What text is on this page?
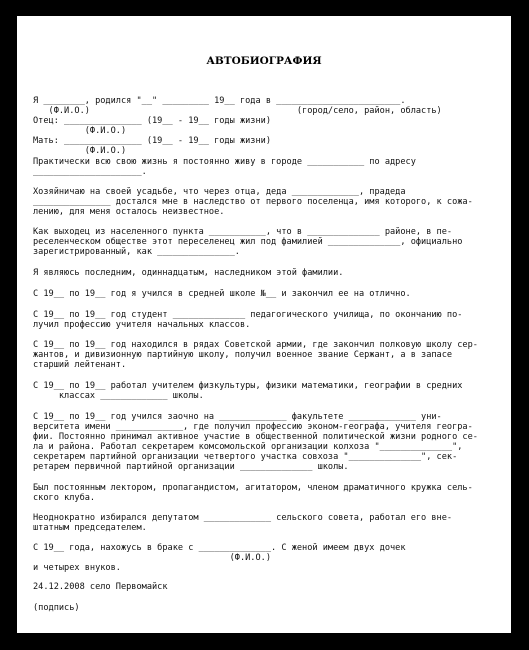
АВТОБИОГРАФИЯ
Я ________, родился "__" _________ 19__ года в ________________________.
(Ф.И.О.)                                        (город/село, район, область)
Отец: _______________ (19__ - 19__ годы жизни)
(Ф.И.О.)
Мать: _______________ (19__ - 19__ годы жизни)
(Ф.И.О.)
Практически всю свою жизнь я постоянно живу в городе ___________ по адресу
_____________________.
Хозяйничаю на своей усадьбе, что через отца, деда _____________, прадеда
_______________ достался мне в наследство от первого поселенца, имя которого, к сожа-
лению, для меня осталось неизвестное.
Как выходец из населенного пункта ___________, что в ______________ районе, в пе-
реселенческом обществе этот переселенец жил под фамилией ______________, официально
зарегистрированный, как _______________.
Я являюсь последним, одиннадцатым, наследником этой фамилии.
С 19__ по 19__ год я учился в средней школе №__ и закончил ее на отлично.
С 19__ по 19__ год студент ______________ педагогического училища, по окончанию по-
лучил профессию учителя начальных классов.
С 19__ по 19__ год находился в рядах Советской армии, где закончил полковую школу сер-
жантов, и дивизионную партийную школу, получил военное звание Сержант, а в запасе
старший лейтенант.
С 19__ по 19__ работал учителем физкультуры, физики математики, географии в средних
классах _____________ школы.
С 19__ по 19__ год учился заочно на _____________ факультете _____________ уни-
верситета имени _____________, где получил профессию эконом-географа, учителя геогра-
фии. Постоянно принимал активное участие в общественной политической жизни родного се-
ла и района. Работал секретарем комсомольской организации колхоза "______________",
секретарем партийной организации четвертого участка совхоза "______________", сек-
ретарем первичной партийной организации ______________ школы.
Был постоянным лектором, пропагандистом, агитатором, членом драматичного кружка сель-
ского клуба.
Неоднократно избирался депутатом _____________ сельского совета, работал его вне-
штатным председателем.
С 19__ года, нахожусь в браке с ______________. С женой имеем двух дочек
(Ф.И.О.)
и четырех внуков.
24.12.2008 село Первомайск
(подпись)
